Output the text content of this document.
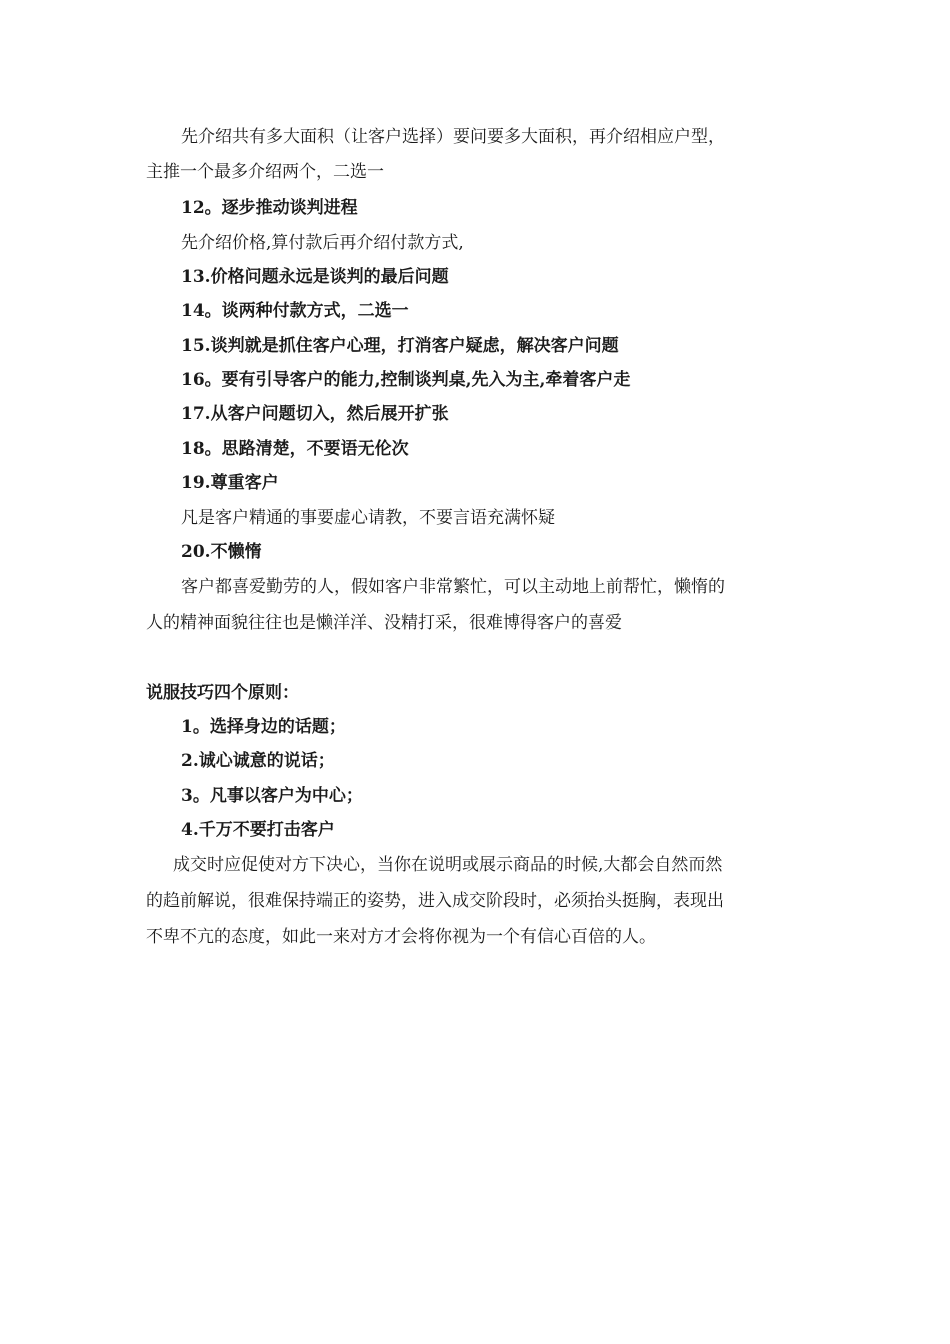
先介绍共有多大面积（让客户选择）要问要多大面积，再介绍相应户型，
主推一个最多介绍两个，二选一
12。逐步推动谈判进程
先介绍价格,算付款后再介绍付款方式,
13.价格问题永远是谈判的最后问题
14。谈两种付款方式，二选一
15.谈判就是抓住客户心理，打消客户疑虑，解决客户问题
16。要有引导客户的能力,控制谈判桌,先入为主,牵着客户走
17.从客户问题切入，然后展开扩张
18。思路清楚，不要语无伦次
19.尊重客户
凡是客户精通的事要虚心请教，不要言语充满怀疑
20.不懒惰
客户都喜爱勤劳的人，假如客户非常繁忙，可以主动地上前帮忙，懒惰的
人的精神面貌往往也是懒洋洋、没精打采，很难博得客户的喜爱
说服技巧四个原则：
1。选择身边的话题；
2.诚心诚意的说话；
3。凡事以客户为中心；
4.千万不要打击客户
成交时应促使对方下决心，当你在说明或展示商品的时候,大都会自然而然
的趋前解说，很难保持端正的姿势，进入成交阶段时，必须抬头挺胸，表现出
不卑不亢的态度，如此一来对方才会将你视为一个有信心百倍的人。
